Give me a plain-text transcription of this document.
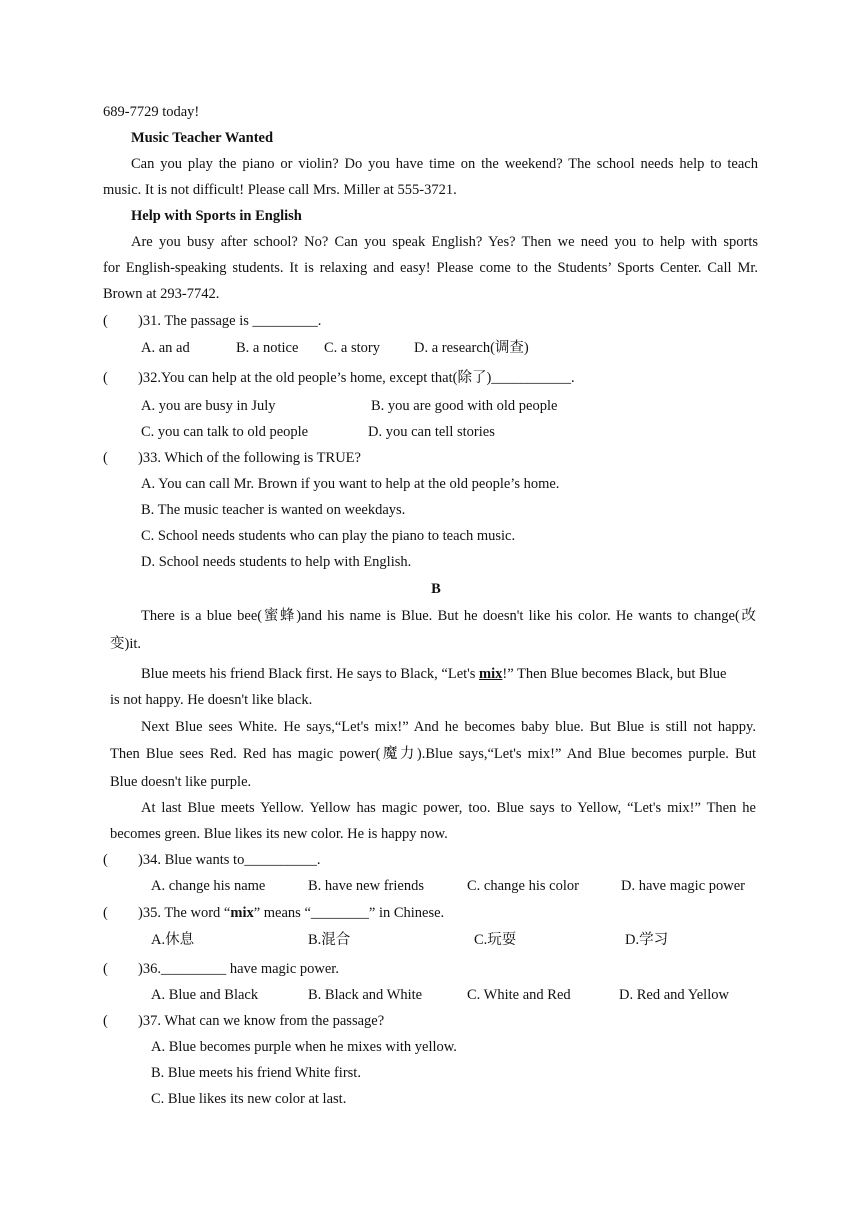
689-7729 today!
Music Teacher Wanted
Can you play the piano or violin? Do you have time on the weekend? The school needs help to teach
music. It is not difficult! Please call Mrs. Miller at 555-3721.
Help with Sports in English
Are you busy after school? No? Can you speak English? Yes? Then we need you to help with sports
for English-speaking students. It is relaxing and easy! Please come to the Students’ Sports Center. Call Mr.
Brown at 293-7742.
( )31. The passage is _________.
A. an ad	B. a notice C. a story D. a research(调查)
( )32.You can help at the old people’s home, except that(除了)___________.
A. you are busy in July	B. you are good with old people
C. you can talk to old people	D. you can tell stories
( )33. Which of the following is TRUE?
A. You can call Mr. Brown if you want to help at the old people’s home.
B. The music teacher is wanted on weekdays.
C. School needs students who can play the piano to teach music.
D. School needs students to help with English.
B
There is a blue bee(蜜蜂)and his name is Blue. But he doesn't like his color. He wants to change(改
变)it.
Blue meets his friend Black first. He says to Black, “Let's mix!” Then Blue becomes Black, but Blue
is not happy. He doesn't like black.
Next Blue sees White. He says,“Let's mix!” And he becomes baby blue. But Blue is still not happy.
Then Blue sees Red. Red has magic power(魔力).Blue says,“Let's mix!” And Blue becomes purple. But
Blue doesn't like purple.
At last Blue meets Yellow. Yellow has magic power, too. Blue says to Yellow, “Let's mix!” Then he
becomes green. Blue likes its new color. He is happy now.
( )34. Blue wants to__________.
A. change his name	B. have new friends	C. change his color	D. have magic power
( )35. The word “mix” means “________” in Chinese.
A.休息	B.混合	C.玩耍	D.学习
( )36._________ have magic power.
A. Blue and Black	B. Black and White	C. White and Red	D. Red and Yellow
( )37. What can we know from the passage?
A. Blue becomes purple when he mixes with yellow.
B. Blue meets his friend White first.
C. Blue likes its new color at last.
